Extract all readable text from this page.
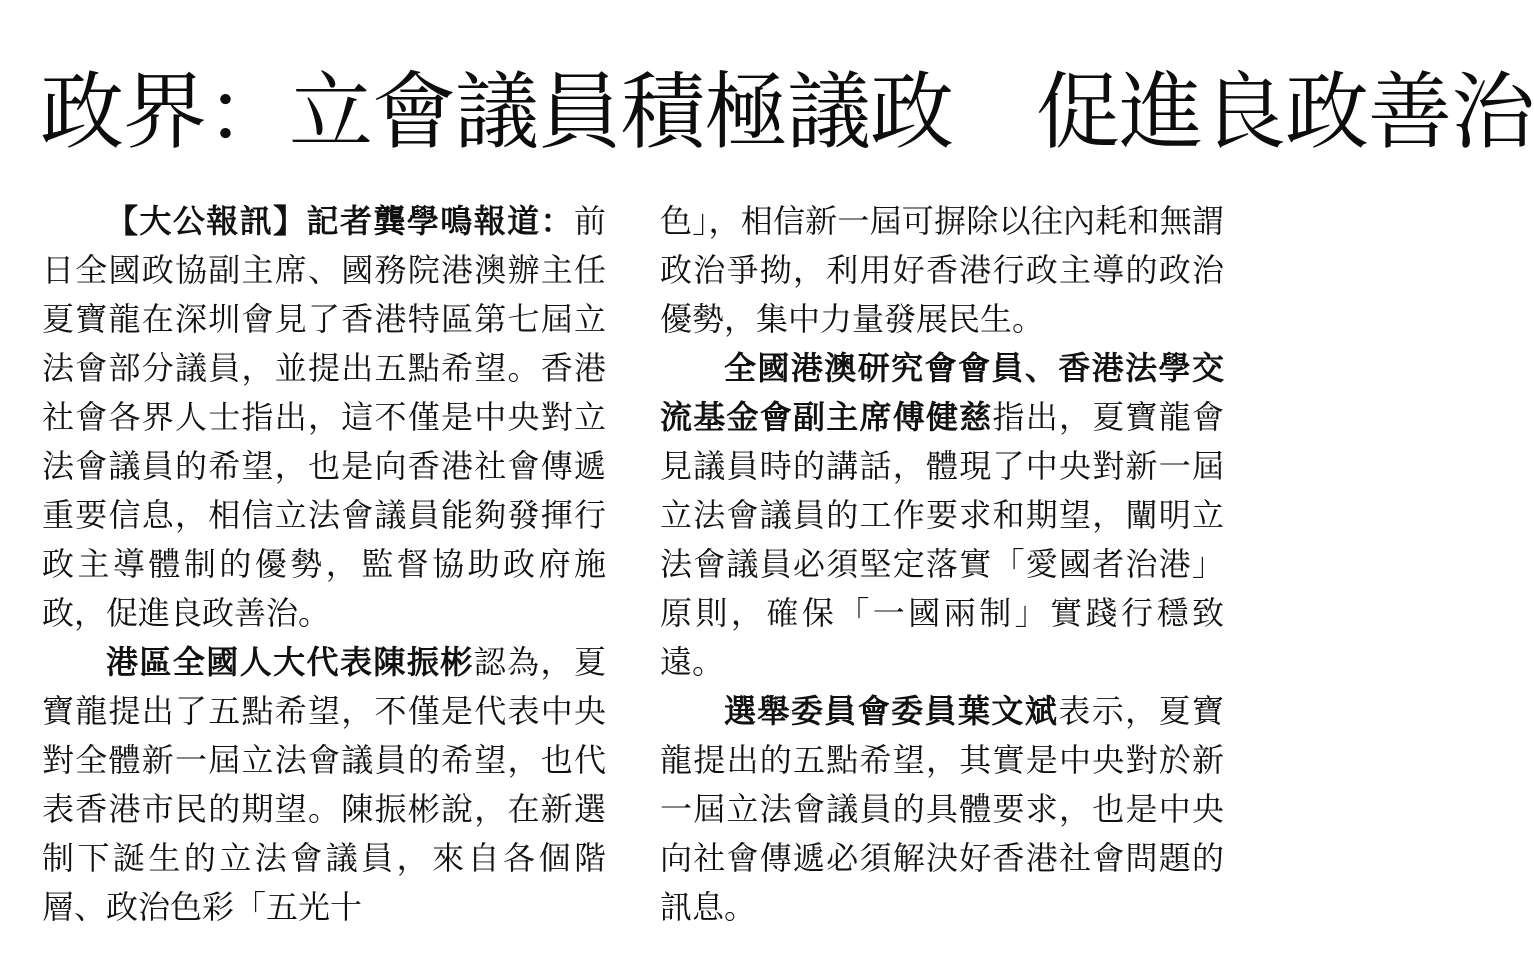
政界：立會議員積極議政　促進良政善治

【大公報訊】記者龔學鳴報道：前日全國政協副主席、國務院港澳辦主任夏寶龍在深圳會見了香港特區第七屆立法會部分議員，並提出五點希望。香港社會各界人士指出，這不僅是中央對立法會議員的希望，也是向香港社會傳遞重要信息，相信立法會議員能夠發揮行政主導體制的優勢，監督協助政府施政，促進良政善治。

港區全國人大代表陳振彬認為，夏寶龍提出了五點希望，不僅是代表中央對全體新一屆立法會議員的希望，也代表香港市民的期望。陳振彬說，在新選制下誕生的立法會議員，來自各個階層、政治色彩「五光十

色」，相信新一屆可摒除以往內耗和無謂政治爭拗，利用好香港行政主導的政治優勢，集中力量發展民生。

全國港澳研究會會員、香港法學交流基金會副主席傅健慈指出，夏寶龍會見議員時的講話，體現了中央對新一屆立法會議員的工作要求和期望，闡明立法會議員必須堅定落實「愛國者治港」原則，確保「一國兩制」實踐行穩致遠。

選舉委員會委員葉文斌表示，夏寶龍提出的五點希望，其實是中央對於新一屆立法會議員的具體要求，也是中央向社會傳遞必須解決好香港社會問題的訊息。
